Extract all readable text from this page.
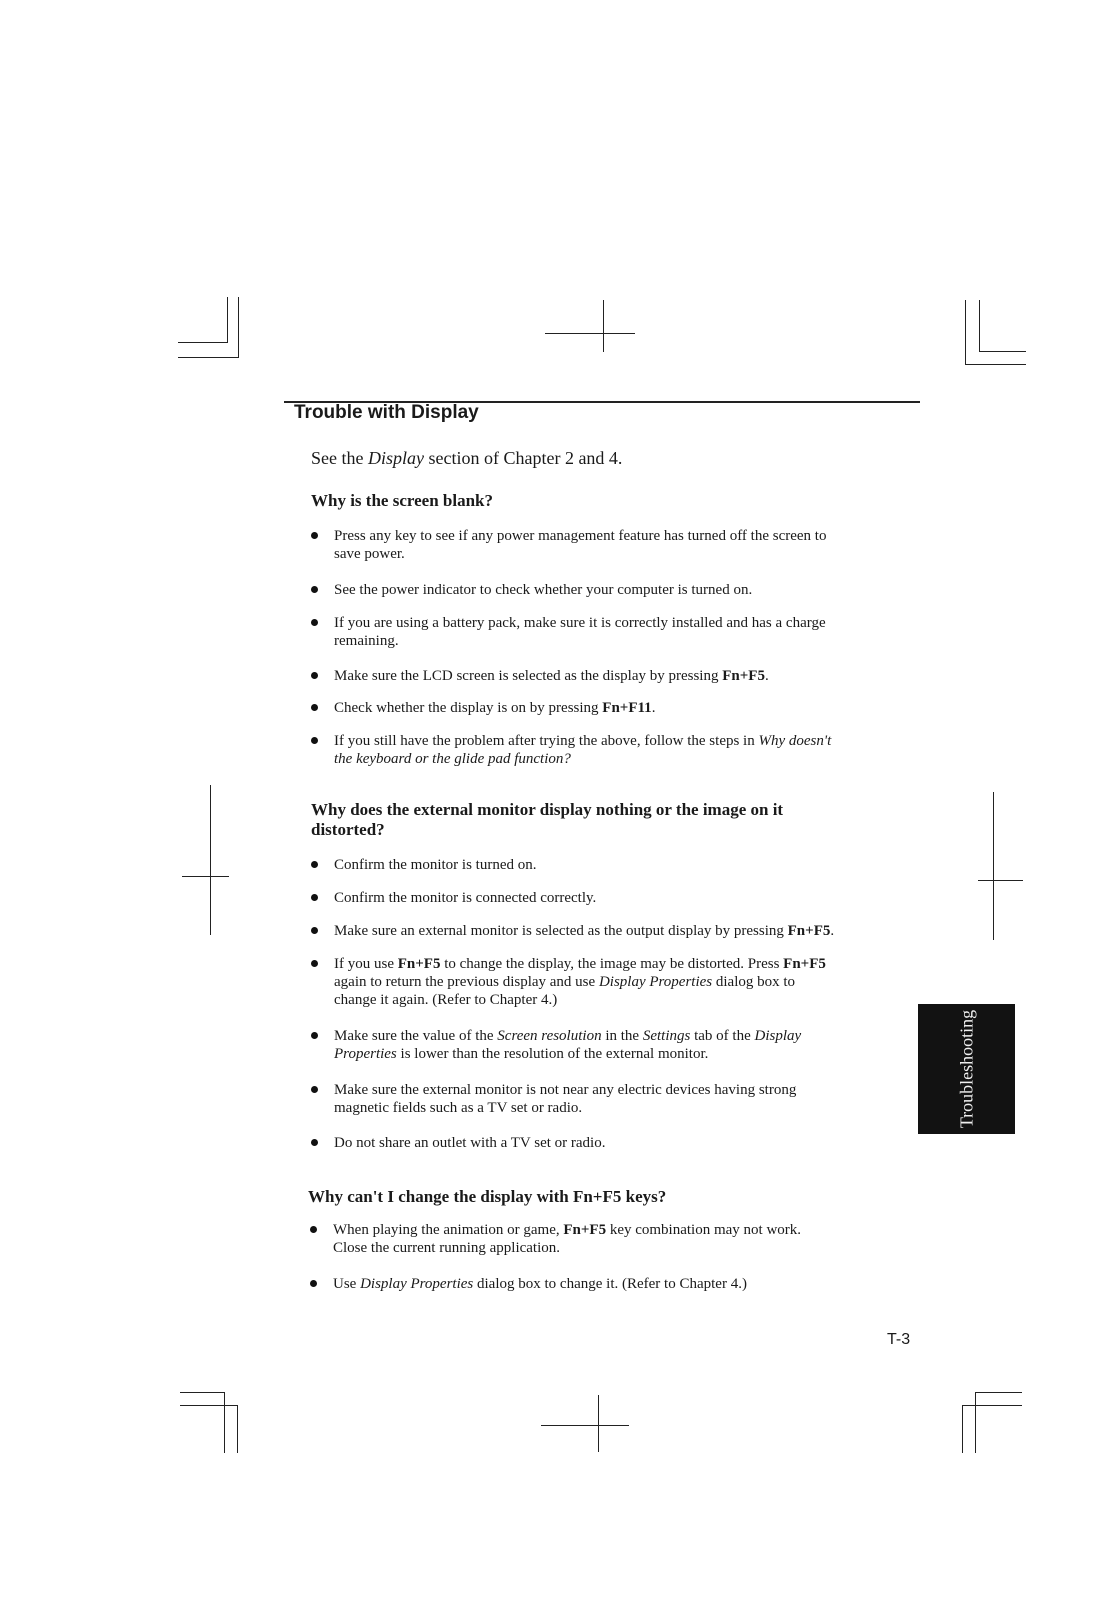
Trouble with Display

See the Display section of Chapter 2 and 4.

Why is the screen blank?
Press any key to see if any power management feature has turned off the screen to
save power.
See the power indicator to check whether your computer is turned on.
If you are using a battery pack, make sure it is correctly installed and has a charge
remaining.
Make sure the LCD screen is selected as the display by pressing Fn+F5.
Check whether the display is on by pressing Fn+F11.
If you still have the problem after trying the above, follow the steps in Why doesn't
the keyboard or the glide pad function?
Why does the external monitor display nothing or the image on it
distorted?
Confirm the monitor is turned on.
Confirm the monitor is connected correctly.
Make sure an external monitor is selected as the output display by pressing Fn+F5.
If you use Fn+F5 to change the display, the image may be distorted. Press Fn+F5
again to return the previous display and use Display Properties dialog box to
change it again. (Refer to Chapter 4.)
Make sure the value of the Screen resolution in the Settings tab of the Display
Properties is lower than the resolution of the external monitor.
Make sure the external monitor is not near any electric devices having strong
magnetic fields such as a TV set or radio.
Do not share an outlet with a TV set or radio.
Why can't I change the display with Fn+F5 keys?
When playing the animation or game, Fn+F5 key combination may not work.
Close the current running application.
Use Display Properties dialog box to change it. (Refer to Chapter 4.)
Troubleshooting
T-3
